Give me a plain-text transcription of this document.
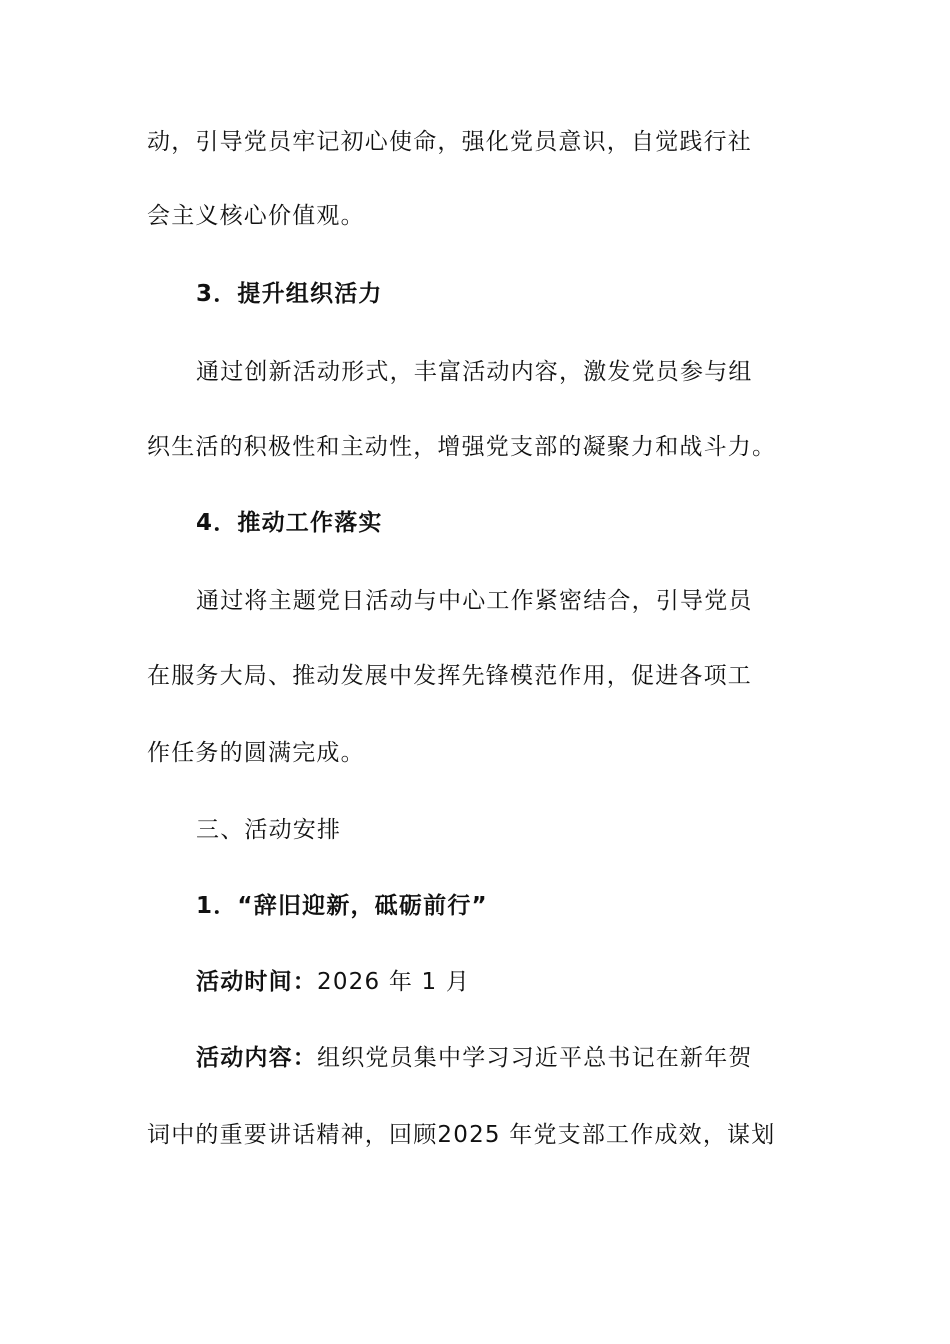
动，引导党员牢记初心使命，强化党员意识，自觉践行社
会主义核心价值观。
3．提升组织活力
通过创新活动形式，丰富活动内容，激发党员参与组
织生活的积极性和主动性，增强党支部的凝聚力和战斗力。
4．推动工作落实
通过将主题党日活动与中心工作紧密结合，引导党员
在服务大局、推动发展中发挥先锋模范作用，促进各项工
作任务的圆满完成。
三、活动安排
1．“辞旧迎新，砥砺前行”
活动时间：2026 年 1 月
活动内容：组织党员集中学习习近平总书记在新年贺
词中的重要讲话精神，回顾2025 年党支部工作成效，谋划
